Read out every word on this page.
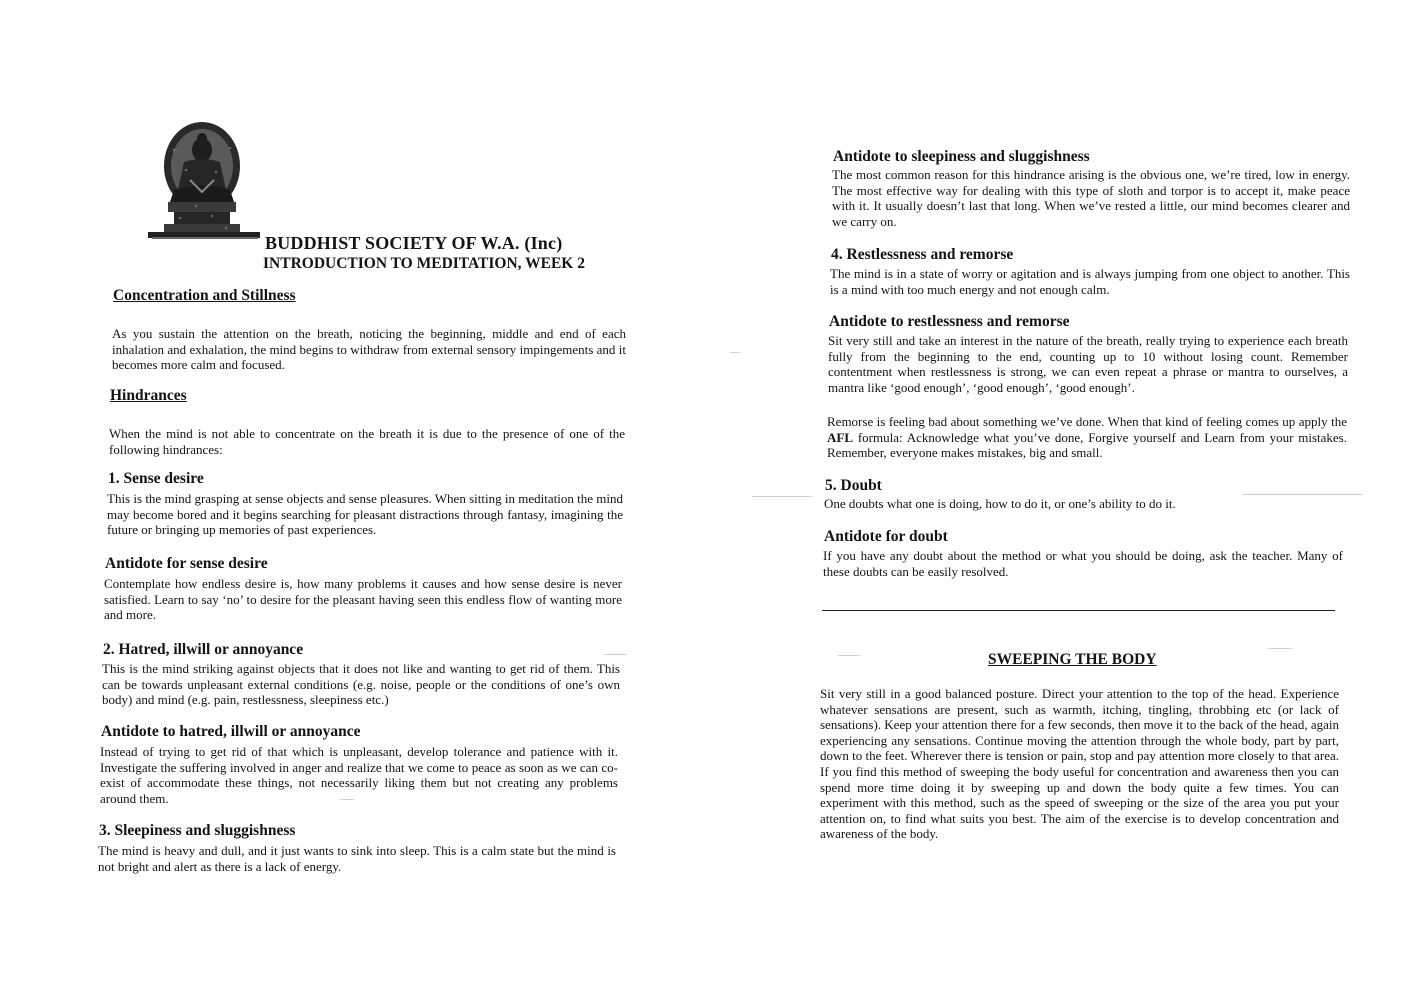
BUDDHIST SOCIETY OF W.A. (Inc)
INTRODUCTION TO MEDITATION, WEEK 2
Concentration and Stillness

As you sustain the attention on the breath, noticing the beginning, middle and end of each inhalation and exhalation, the mind begins to withdraw from external sensory impingements and it becomes more calm and focused.

Hindrances

When the mind is not able to concentrate on the breath it is due to the presence of one of the following hindrances:

1. Sense desire

This is the mind grasping at sense objects and sense pleasures. When sitting in meditation the mind may become bored and it begins searching for pleasant distractions through fantasy, imagining the future or bringing up memories of past experiences.

Antidote for sense desire

Contemplate how endless desire is, how many problems it causes and how sense desire is never satisfied. Learn to say ‘no’ to desire for the pleasant having seen this endless flow of wanting more and more.

2. Hatred, illwill or annoyance

This is the mind striking against objects that it does not like and wanting to get rid of them. This can be towards unpleasant external conditions (e.g. noise, people or the conditions of one’s own body) and mind (e.g. pain, restlessness, sleepiness etc.)

Antidote to hatred, illwill or annoyance

Instead of trying to get rid of that which is unpleasant, develop tolerance and patience with it. Investigate the suffering involved in anger and realize that we come to peace as soon as we can co-exist of accommodate these things, not necessarily liking them but not creating any problems around them.

3. Sleepiness and sluggishness

The mind is heavy and dull, and it just wants to sink into sleep. This is a calm state but the mind is not bright and alert as there is a lack of energy.

Antidote to sleepiness and sluggishness

The most common reason for this hindrance arising is the obvious one, we’re tired, low in energy. The most effective way for dealing with this type of sloth and torpor is to accept it, make peace with it. It usually doesn’t last that long. When we’ve rested a little, our mind becomes clearer and we carry on.

4. Restlessness and remorse

The mind is in a state of worry or agitation and is always jumping from one object to another. This is a mind with too much energy and not enough calm.

Antidote to restlessness and remorse

Sit very still and take an interest in the nature of the breath, really trying to experience each breath fully from the beginning to the end, counting up to 10 without losing count. Remember contentment when restlessness is strong, we can even repeat a phrase or mantra to ourselves, a mantra like ‘good enough’, ‘good enough’, ‘good enough’.

Remorse is feeling bad about something we’ve done. When that kind of feeling comes up apply the AFL formula: Acknowledge what you’ve done, Forgive yourself and Learn from your mistakes. Remember, everyone makes mistakes, big and small.

5. Doubt

One doubts what one is doing, how to do it, or one’s ability to do it.

Antidote for doubt

If you have any doubt about the method or what you should be doing, ask the teacher. Many of these doubts can be easily resolved.

SWEEPING THE BODY

Sit very still in a good balanced posture. Direct your attention to the top of the head. Experience whatever sensations are present, such as warmth, itching, tingling, throbbing etc (or lack of sensations). Keep your attention there for a few seconds, then move it to the back of the head, again experiencing any sensations. Continue moving the attention through the whole body, part by part, down to the feet. Wherever there is tension or pain, stop and pay attention more closely to that area. If you find this method of sweeping the body useful for concentration and awareness then you can spend more time doing it by sweeping up and down the body quite a few times. You can experiment with this method, such as the speed of sweeping or the size of the area you put your attention on, to find what suits you best. The aim of the exercise is to develop concentration and awareness of the body.
